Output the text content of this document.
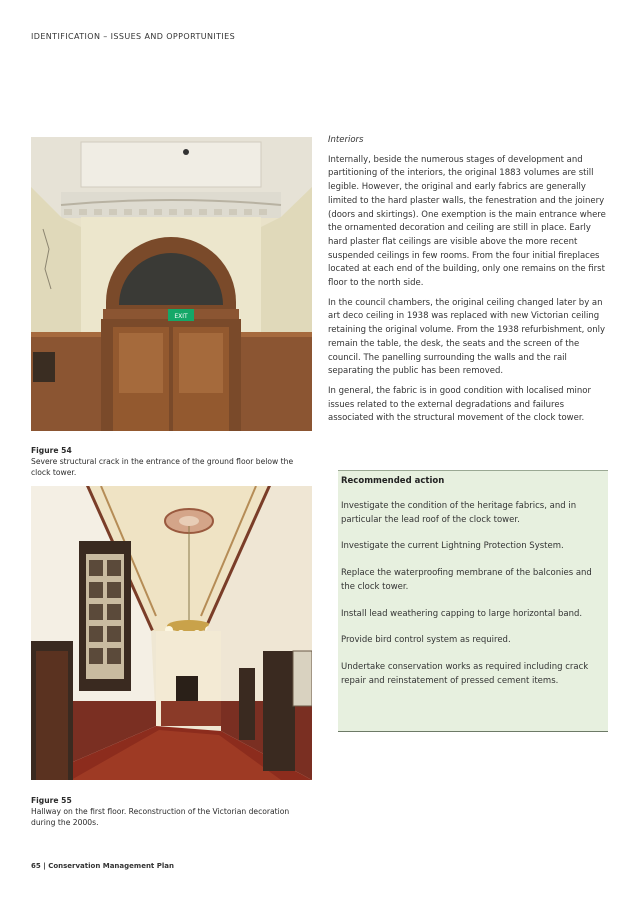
IDENTIFICATION – ISSUES AND OPPORTUNITIES
EXIT
Figure 54
Severe structural crack in the entrance of the ground floor below the clock tower.
Figure 55
Hallway on the first floor. Reconstruction of the Victorian decoration during the 2000s.
Interiors

Internally, beside the numerous stages of development and partitioning of the interiors, the original 1883 volumes are still legible. However, the original and early fabrics are generally limited to the hard plaster walls, the fenestration and the joinery (doors and skirtings). One exemption is the main entrance where the ornamented decoration and ceiling are still in place. Early hard plaster flat ceilings are visible above the more recent suspended ceilings in few rooms. From the four initial fireplaces located at each end of the building, only one remains on the first floor to the north side.

In the council chambers, the original ceiling changed later by an art deco ceiling in 1938 was replaced with new Victorian ceiling retaining the original volume. From the 1938 refurbishment, only remain the table, the desk, the seats and the screen of the council. The panelling surrounding the walls and the rail separating the public has been removed.

In general, the fabric is in good condition with localised minor issues related to the external degradations and failures associated with the structural movement of the clock tower.

Recommended action
Investigate the condition of the heritage fabrics, and in particular the lead roof of the clock tower.
Investigate the current Lightning Protection System.
Replace the waterproofing membrane of the balconies and the clock tower.
Install lead weathering capping to large horizontal band.
Provide bird control system as required.
Undertake conservation works as required including crack repair and reinstatement of pressed cement items.
65 | Conservation Management Plan
